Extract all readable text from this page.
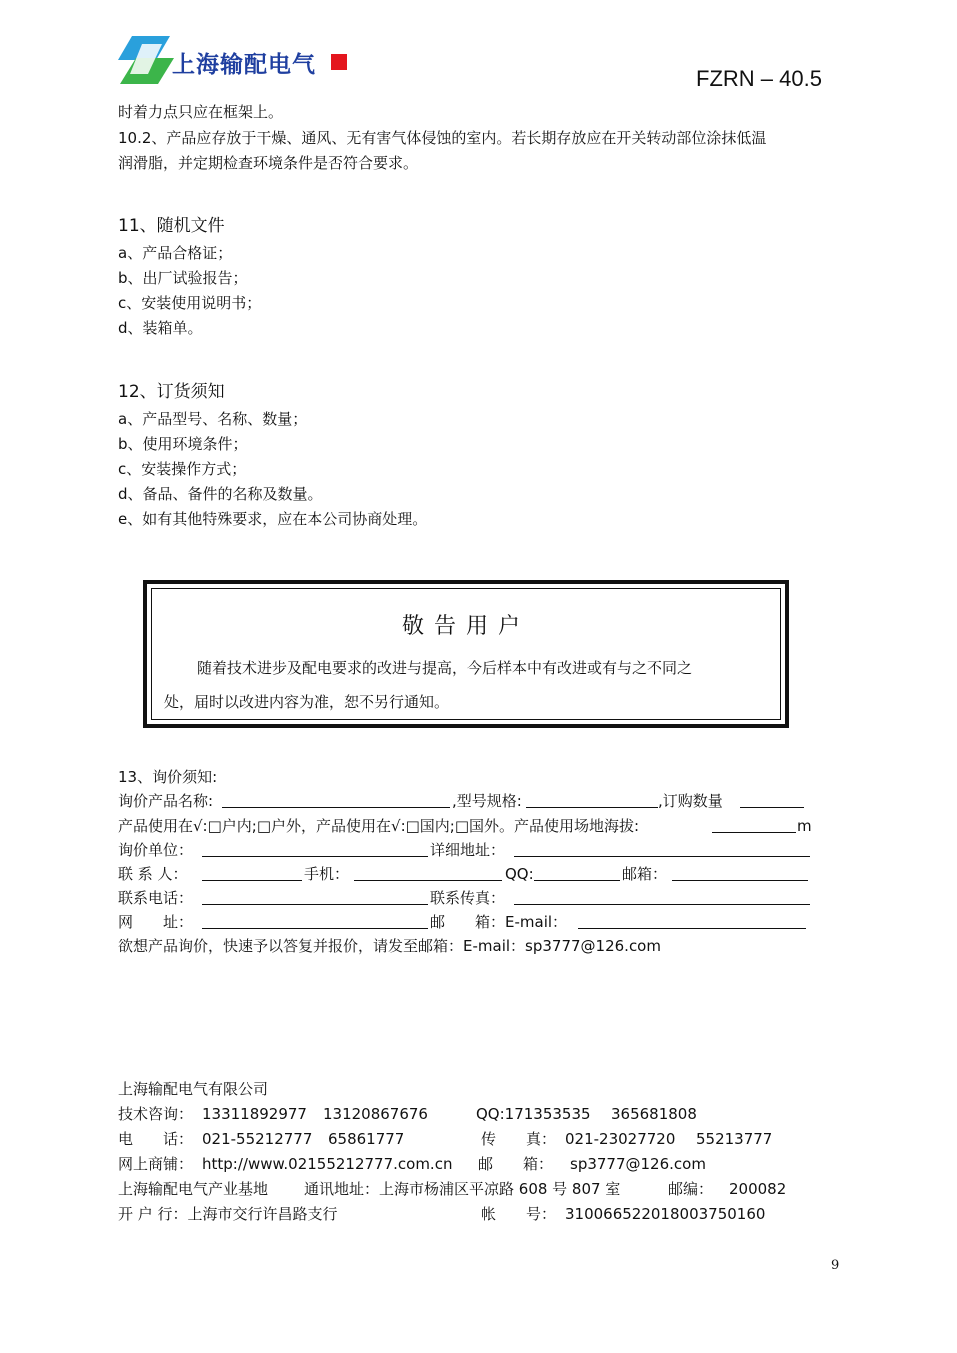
上海输配电气
FZRN – 40.5
时着力点只应在框架上。
10.2、产品应存放于干燥、通风、无有害气体侵蚀的室内。若长期存放应在开关转动部位涂抹低温
润滑脂，并定期检查环境条件是否符合要求。
11、随机文件
a、产品合格证；
b、出厂试验报告；
c、安装使用说明书；
d、装箱单。
12、订货须知
a、产品型号、名称、数量；
b、使用环境条件；
c、安装操作方式；
d、备品、备件的名称及数量。
e、如有其他特殊要求，应在本公司协商处理。
敬告用户
随着技术进步及配电要求的改进与提高，今后样本中有改进或有与之不同之
处，届时以改进内容为准，恕不另行通知。
13、询价须知:
询价产品名称:	,型号规格:	,订购数量
产品使用在√:□户内;□户外，产品使用在√:□国内;□国外。产品使用场地海拔:	m
询价单位：	详细地址：
联 系 人：	手机：	QQ:	邮箱：
联系电话：	联系传真：
网　　址：	邮　　箱：E-mail：
欲想产品询价，快速予以答复并报价，请发至邮箱：E-mail：sp3777@126.com
上海输配电气有限公司
技术咨询： 13311892977 13120867676	QQ:171353535 365681808
电　　话： 021-55212777 65861777	传　　真： 021-23027720 55213777
网上商铺： http://www.02155212777.com.cn 邮　　箱： sp3777@126.com
上海输配电气产业基地 通讯地址：上海市杨浦区平凉路 608 号 807 室	邮编： 200082
开 户 行：上海市交行许昌路支行	帐　　号： 310066522018003750160
9
